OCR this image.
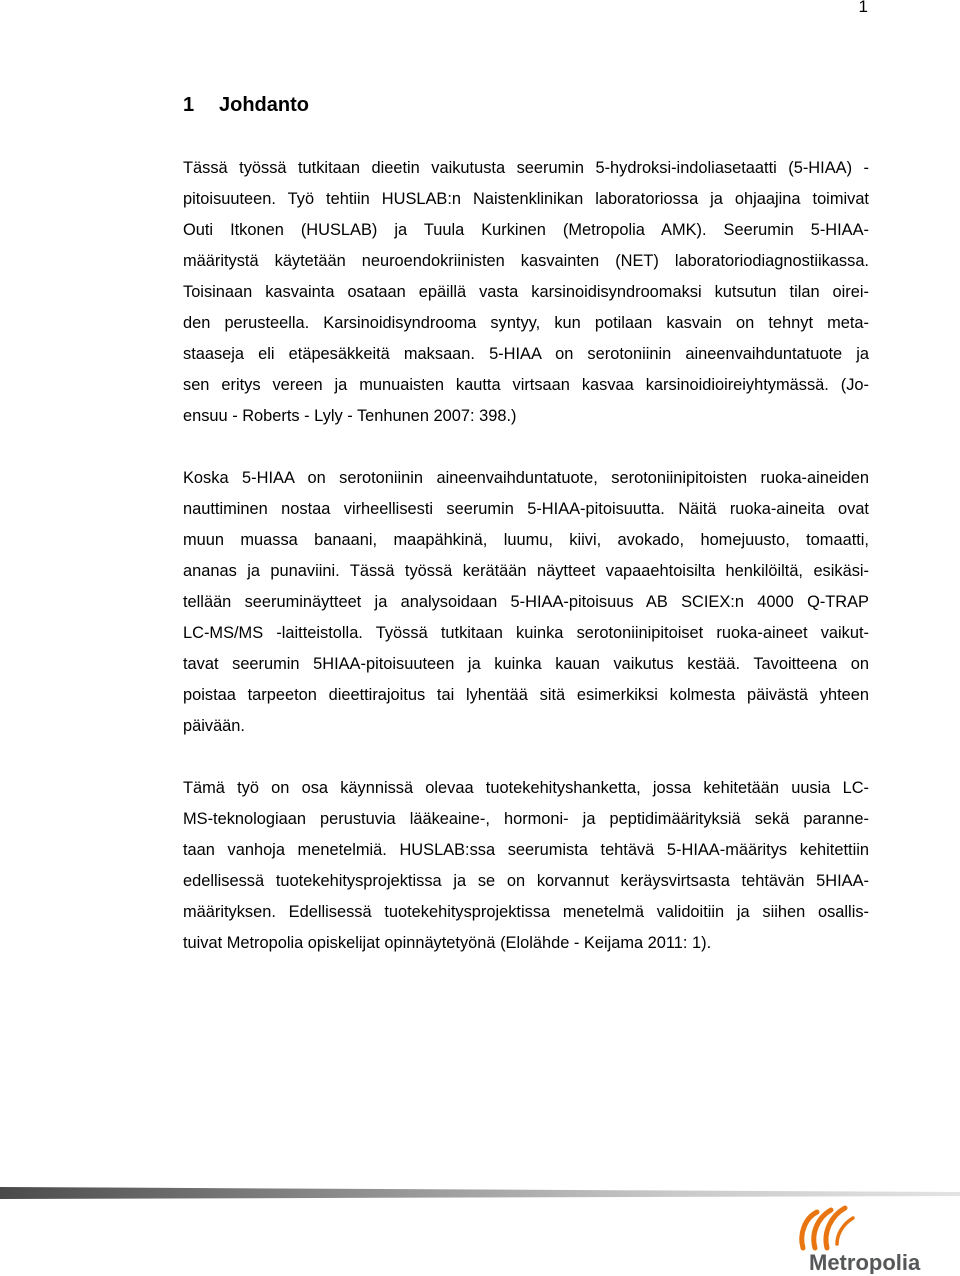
1
1 Johdanto
Tässä työssä tutkitaan dieetin vaikutusta seerumin 5-hydroksi-indoliasetaatti (5-HIAA) -
pitoisuuteen. Työ tehtiin HUSLAB:n Naistenklinikan laboratoriossa ja ohjaajina toimivat
Outi Itkonen (HUSLAB) ja Tuula Kurkinen (Metropolia AMK). Seerumin 5-HIAA-
määritystä käytetään neuroendokriinisten kasvainten (NET) laboratoriodiagnostiikassa.
Toisinaan kasvainta osataan epäillä vasta karsinoidisyndroomaksi kutsutun tilan oirei-
den perusteella. Karsinoidisyndrooma syntyy, kun potilaan kasvain on tehnyt meta-
staaseja eli etäpesäkkeitä maksaan. 5-HIAA on serotoniinin aineenvaihduntatuote ja
sen eritys vereen ja munuaisten kautta virtsaan kasvaa karsinoidioireiyhtymässä. (Jo-
ensuu - Roberts - Lyly - Tenhunen 2007: 398.)
Koska 5-HIAA on serotoniinin aineenvaihduntatuote, serotoniinipitoisten ruoka-aineiden
nauttiminen nostaa virheellisesti seerumin 5-HIAA-pitoisuutta. Näitä ruoka-aineita ovat
muun muassa banaani, maapähkinä, luumu, kiivi, avokado, homejuusto, tomaatti,
ananas ja punaviini. Tässä työssä kerätään näytteet vapaaehtoisilta henkilöiltä, esikäsi-
tellään seeruminäytteet ja analysoidaan 5-HIAA-pitoisuus AB SCIEX:n 4000 Q-TRAP
LC-MS/MS -laitteistolla. Työssä tutkitaan kuinka serotoniinipitoiset ruoka-aineet vaikut-
tavat seerumin 5HIAA-pitoisuuteen ja kuinka kauan vaikutus kestää. Tavoitteena on
poistaa tarpeeton dieettirajoitus tai lyhentää sitä esimerkiksi kolmesta päivästä yhteen
päivään.
Tämä työ on osa käynnissä olevaa tuotekehityshanketta, jossa kehitetään uusia LC-
MS-teknologiaan perustuvia lääkeaine-, hormoni- ja peptidimäärityksiä sekä paranne-
taan vanhoja menetelmiä. HUSLAB:ssa seerumista tehtävä 5-HIAA-määritys kehitettiin
edellisessä tuotekehitysprojektissa ja se on korvannut keräysvirtsasta tehtävän 5HIAA-
määrityksen. Edellisessä tuotekehitysprojektissa menetelmä validoitiin ja siihen osallis-
tuivat Metropolia opiskelijat opinnäytetyönä (Elolähde - Keijama 2011: 1).
Metropolia
